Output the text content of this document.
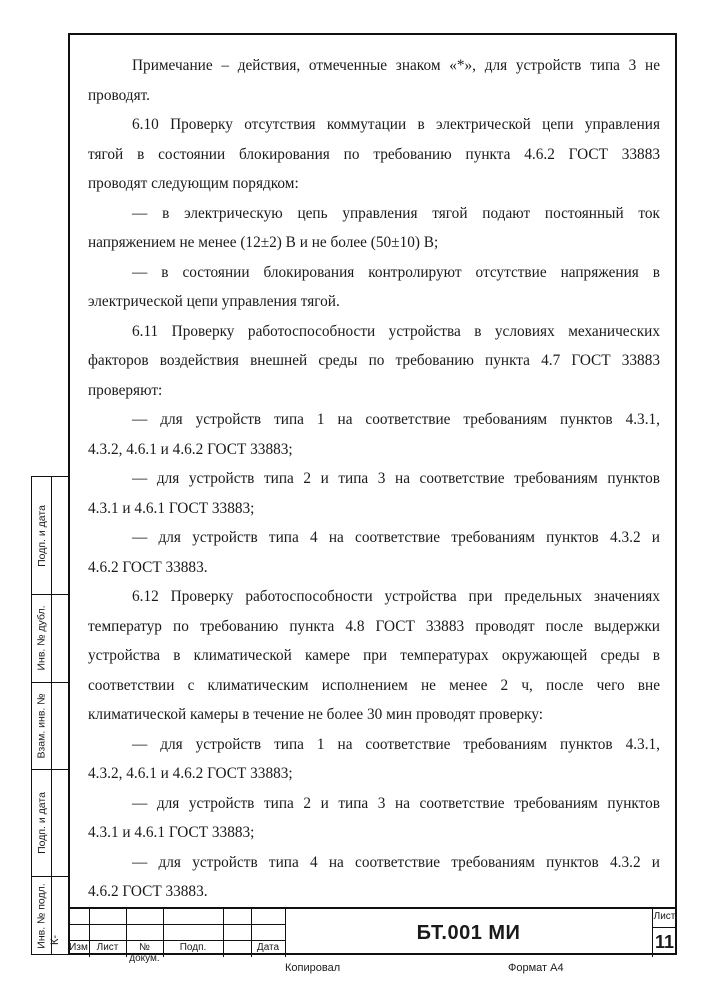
Подп. и дата
Инв. № дубл.
Взам. инв. №
Подп. и дата
Инв. № подл.

Примечание – действия, отмеченные знаком «*», для устройств типа 3 не

проводят.

6.10 Проверку отсутствия коммутации в электрической цепи управления

тягой в состоянии блокирования по требованию пункта 4.6.2 ГОСТ 33883

проводят следующим порядком:

— в электрическую цепь управления тягой подают постоянный ток

напряжением не менее (12±2) В и не более (50±10) В;

— в состоянии блокирования контролируют отсутствие напряжения в

электрической цепи управления тягой.

6.11 Проверку работоспособности устройства в условиях механических

факторов воздействия внешней среды по требованию пункта 4.7 ГОСТ 33883

проверяют:

— для устройств типа 1 на соответствие требованиям пунктов 4.3.1,

4.3.2, 4.6.1 и 4.6.2 ГОСТ 33883;

— для устройств типа 2 и типа 3 на соответствие требованиям пунктов

4.3.1 и 4.6.1 ГОСТ 33883;

— для устройств типа 4 на соответствие требованиям пунктов 4.3.2 и

4.6.2 ГОСТ 33883.

6.12 Проверку работоспособности устройства при предельных значениях

температур по требованию пункта 4.8 ГОСТ 33883 проводят после выдержки

устройства в климатической камере при температурах окружающей среды в

соответствии с климатическим исполнением не менее 2 ч, после чего вне

климатической камеры в течение не более 30 мин проводят проверку:

— для устройств типа 1 на соответствие требованиям пунктов 4.3.1,

4.3.2, 4.6.1 и 4.6.2 ГОСТ 33883;

— для устройств типа 2 и типа 3 на соответствие требованиям пунктов

4.3.1 и 4.6.1 ГОСТ 33883;

— для устройств типа 4 на соответствие требованиям пунктов 4.3.2 и

4.6.2 ГОСТ 33883.

Изм Лист	№ докум.
Подп.	Дата
БТ.001 МИ
Лист
11
К-
Копировал	Формат А4
